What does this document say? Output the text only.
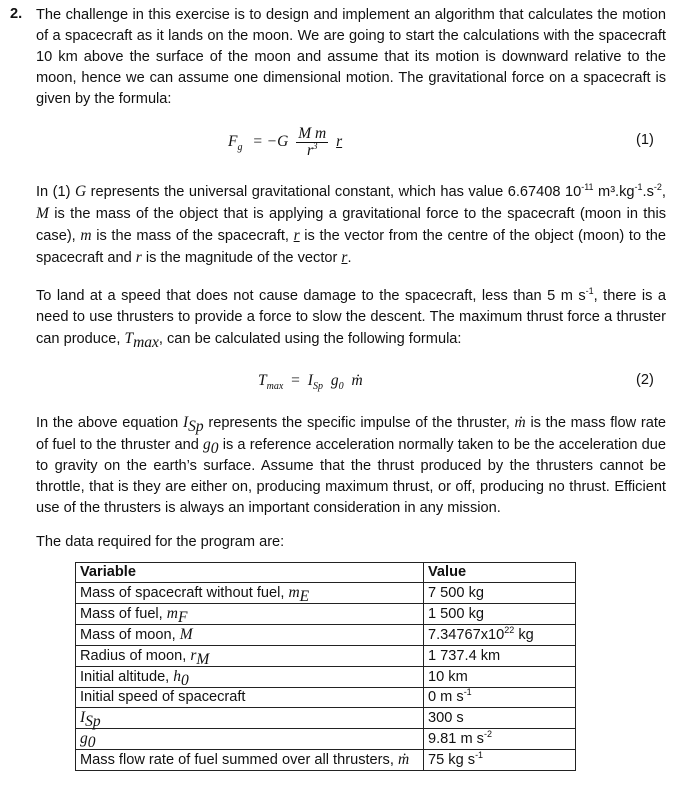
2. The challenge in this exercise is to design and implement an algorithm that calculates the motion of a spacecraft as it lands on the moon. We are going to start the calculations with the spacecraft 10 km above the surface of the moon and assume that its motion is downward relative to the moon, hence we can assume one dimensional motion. The gravitational force on a spacecraft is given by the formula:
$F_g = -G \frac{\text{M m}}{r^3}$ r	(1)
In (1) G represents the universal gravitational constant, which has value 6.67408 $10^{-11}$ $m^3.kg^{-1}.s^{-2}$, M is the mass of the object that is applying a gravitational force to the spacecraft (moon in this case), m is the mass of the spacecraft, r is the vector from the centre of the object (moon) to the spacecraft and r is the magnitude of the vector r.
To land at a speed that does not cause damage to the spacecraft, less than 5 m $s^{-1}$, there is a need to use thrusters to provide a force to slow the descent. The maximum thrust force a thruster can produce, $T_{max}$, can be calculated using the following formula:
$T_{max} = I_{Sp}$ $g_0$ ṁ	(2)
In the above equation $I_{Sp}$ represents the specific impulse of the thruster, ṁ is the mass flow rate of fuel to the thruster and $g_0$ is a reference acceleration normally taken to be the acceleration due to gravity on the earth’s surface. Assume that the thrust produced by the thrusters cannot be throttle, that is they are either on, producing maximum thrust, or off, producing no thrust. Efficient use of the thrusters is always an important consideration in any mission.
The data required for the program are:
Variable	Value
Mass of spacecraft without fuel, $m_E$	7 500 kg
Mass of fuel, $m_F$	1 500 kg
Mass of moon, M	$7.34767x10^{22}$ kg
Radius of moon, $r_M$	1 737.4 km
Initial altitude, $h_0$	10 km
Initial speed of spacecraft	0 m $s^{-1}$
$I_{Sp}$	300 s
$g_0$	9.81 m $s^{-2}$
Mass flow rate of fuel summed over all thrusters, ṁ	75 kg $s^{-1}$
